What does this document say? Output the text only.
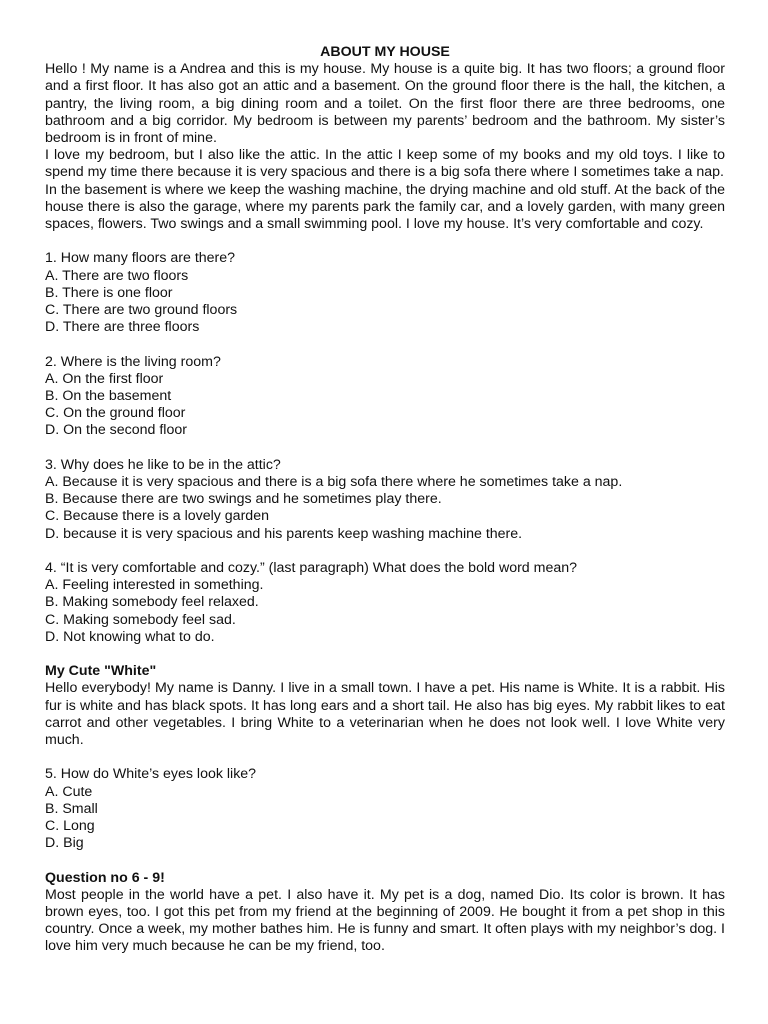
ABOUT MY HOUSE

Hello ! My name is a Andrea and this is my house. My house is a quite big. It has two floors; a ground floor and a first floor. It has also got an attic and a basement. On the ground floor there is the hall, the kitchen, a pantry, the living room, a big dining room and a toilet. On the first floor there are three bedrooms, one bathroom and a big corridor. My bedroom is between my parents’ bedroom and the bathroom. My sister’s bedroom is in front of mine.

I love my bedroom, but I also like the attic. In the attic I keep some of my books and my old toys. I like to spend my time there because it is very spacious and there is a big sofa there where I sometimes take a nap.

In the basement is where we keep the washing machine, the drying machine and old stuff. At the back of the house there is also the garage, where my parents park the family car, and a lovely garden, with many green spaces, flowers. Two swings and a small swimming pool. I love my house. It’s very comfortable and cozy.

1. How many floors are there?

A. There are two floors

B. There is one floor

C. There are two ground floors

D. There are three floors

2. Where is the living room?

A. On the first floor

B. On the basement

C. On the ground floor

D. On the second floor

3. Why does he like to be in the attic?

A. Because it is very spacious and there is a big sofa there where he sometimes take a nap.

B. Because there are two swings and he sometimes play there.

C. Because there is a lovely garden

D. because it is very spacious and his parents keep washing machine there.

4. “It is very comfortable and cozy.” (last paragraph) What does the bold word mean?

A. Feeling interested in something.

B. Making somebody feel relaxed.

C. Making somebody feel sad.

D. Not knowing what to do.

My Cute "White"

Hello everybody! My name is Danny. I live in a small town. I have a pet. His name is White. It is a rabbit. His fur is white and has black spots. It has long ears and a short tail. He also has big eyes. My rabbit likes to eat carrot and other vegetables. I bring White to a veterinarian when he does not look well. I love White very much.

5. How do White’s eyes look like?

A. Cute

B. Small

C. Long

D. Big

Question no 6 - 9!

Most people in the world have a pet. I also have it. My pet is a dog, named Dio. Its color is brown. It has brown eyes, too. I got this pet from my friend at the beginning of 2009. He bought it from a pet shop in this country. Once a week, my mother bathes him. He is funny and smart. It often plays with my neighbor’s dog. I love him very much because he can be my friend, too.
